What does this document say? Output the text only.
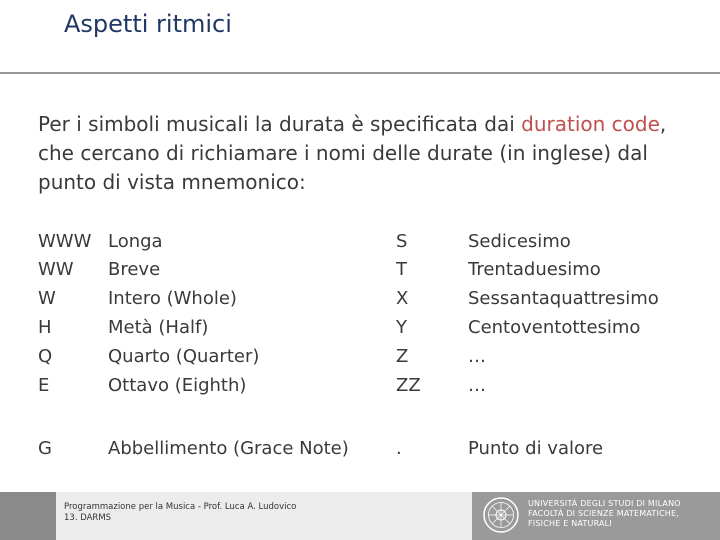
Aspetti ritmici
Per i simboli musicali la durata è specificata dai duration code, che cercano di richiamare i nomi delle durate (in inglese) dal punto di vista mnemonico:
WWW Longa	S	Sedicesimo
WW Breve	T	Trentaduesimo
W	Intero (Whole)	X	Sessantaquattresimo
H	Metà (Half)	Y	Centoventottesimo
Q	Quarto (Quarter)	Z	…
E	Ottavo (Eighth)	ZZ	…
G	Abbellimento (Grace Note)	.	Punto di valore
Programmazione per la Musica - Prof. Luca A. Ludovico
13. DARMS
UNIVERSITÀ DEGLI STUDI DI MILANO
FACOLTÀ DI SCIENZE MATEMATICHE,
FISICHE E NATURALI
